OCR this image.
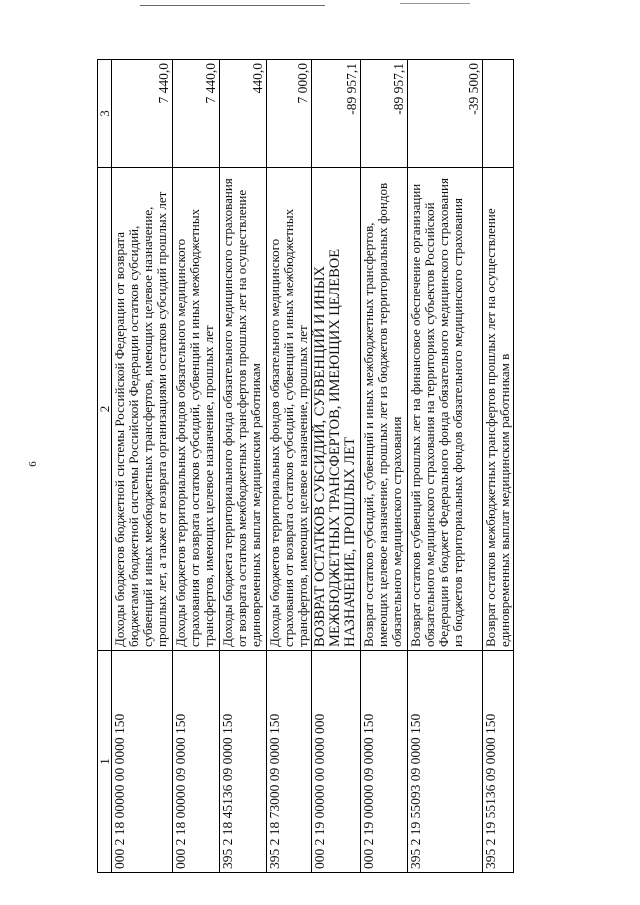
6
1	2	3
000 2 18 00000 00 0000 150	Доходы бюджетов бюджетной системы Российской Федерации от возврата бюджетами бюджетной системы Российской Федерации остатков субсидий, субвенций и иных межбюджетных трансфертов, имеющих целевое назначение, прошлых лет, а также от возврата организациями остатков субсидий прошлых лет	7 440,0
000 2 18 00000 09 0000 150	Доходы бюджетов территориальных фондов обязательного медицинского страхования от возврата остатков субсидий, субвенций и иных межбюджетных трансфертов, имеющих целевое назначение, прошлых лет	7 440,0
395 2 18 45136 09 0000 150	Доходы бюджета территориального фонда обязательного медицинского страхования от возврата остатков межбюджетных трансфертов прошлых лет на осуществление единовременных выплат медицинским работникам	440,0
395 2 18 73000 09 0000 150	Доходы бюджетов территориальных фондов обязательного медицинского страхования от возврата остатков субсидий, субвенций и иных межбюджетных трансфертов, имеющих целевое назначение, прошлых лет	7 000,0
000 2 19 00000 00 0000 000	ВОЗВРАТ ОСТАТКОВ СУБСИДИЙ, СУБВЕНЦИЙ И ИНЫХ МЕЖБЮДЖЕТНЫХ ТРАНСФЕРТОВ, ИМЕЮЩИХ ЦЕЛЕВОЕ НАЗНАЧЕНИЕ, ПРОШЛЫХ ЛЕТ	-89 957,1
000 2 19 00000 09 0000 150	Возврат остатков субсидий, субвенций и иных межбюджетных трансфертов, имеющих целевое назначение, прошлых лет из бюджетов территориальных фондов обязательного медицинского страхования	-89 957,1
395 2 19 55093 09 0000 150	Возврат остатков субвенций прошлых лет на финансовое обеспечение организации обязательного медицинского страхования на территориях субъектов Российской Федерации в бюджет Федерального фонда обязательного медицинского страхования из бюджетов территориальных фондов обязательного медицинского страхования	-39 500,0
395 2 19 55136 09 0000 150	Возврат остатков межбюджетных трансфертов прошлых лет на осуществление единовременных выплат медицинским работникам в	
